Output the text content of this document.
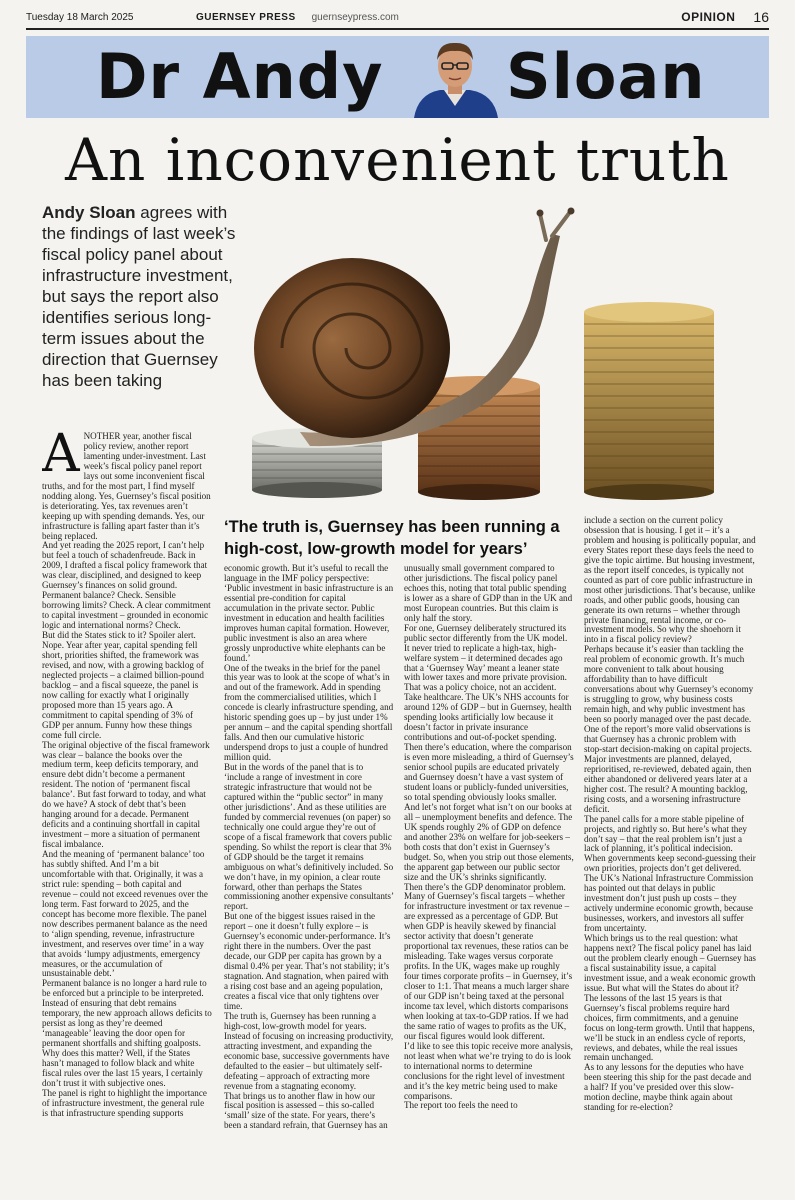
Tuesday 18 March 2025	GUERNSEY PRESS guernseypress.com	OPINION 16
Dr Andy Sloan
An inconvenient truth
Andy Sloan agrees with the findings of last week’s fiscal policy panel about infrastructure investment, but says the report also identifies serious long-term issues about the direction that Guernsey has been taking
‘The truth is, Guernsey has been running a high-cost, low-growth model for years’
A NOTHER year, another fiscal policy review, another report lamenting under-investment. Last week’s fiscal policy panel report lays out some inconvenient fiscal truths, and for the most part, I find myself nodding along. Yes, Guernsey’s fiscal position is deteriorating. Yes, tax revenues aren’t keeping up with spending demands. Yes, our infrastructure is falling apart faster than it’s being replaced.

And yet reading the 2025 report, I can’t help but feel a touch of schadenfreude. Back in 2009, I drafted a fiscal policy framework that was clear, disciplined, and designed to keep Guernsey’s finances on solid ground. Permanent balance? Check. Sensible borrowing limits? Check. A clear commitment to capital investment – grounded in economic logic and international norms? Check.

But did the States stick to it? Spoiler alert. Nope. Year after year, capital spending fell short, priorities shifted, the framework was revised, and now, with a growing backlog of neglected projects – a claimed billion-pound backlog – and a fiscal squeeze, the panel is now calling for exactly what I originally proposed more than 15 years ago. A commitment to capital spending of 3% of GDP per annum. Funny how these things come full circle.

The original objective of the fiscal framework was clear – balance the books over the medium term, keep deficits temporary, and ensure debt didn’t become a permanent resident. The notion of ‘permanent fiscal balance’. But fast forward to today, and what do we have? A stock of debt that’s been hanging around for a decade. Permanent deficits and a continuing shortfall in capital investment – more a situation of permanent fiscal imbalance.

And the meaning of ‘permanent balance’ too has subtly shifted. And I’m a bit uncomfortable with that. Originally, it was a strict rule: spending – both capital and revenue – could not exceed revenues over the long term. Fast forward to 2025, and the concept has become more flexible. The panel now describes permanent balance as the need to ‘align spending, revenue, infrastructure investment, and reserves over time’ in a way that avoids ‘lumpy adjustments, emergency measures, or the accumulation of unsustainable debt.’

Permanent balance is no longer a hard rule to be enforced but a principle to be interpreted. Instead of ensuring that debt remains temporary, the new approach allows deficits to persist as long as they’re deemed ‘manageable’ leaving the door open for permanent shortfalls and shifting goalposts.

Why does this matter? Well, if the States hasn’t managed to follow black and white fiscal rules over the last 15 years, I certainly don’t trust it with subjective ones.

The panel is right to highlight the importance of infrastructure investment, the general rule is that infrastructure spending supports

economic growth. But it’s useful to recall the language in the IMF policy perspective: ‘Public investment in basic infrastructure is an essential pre-condition for capital accumulation in the private sector. Public investment in education and health facilities improves human capital formation. However, public investment is also an area where grossly unproductive white elephants can be found.’

One of the tweaks in the brief for the panel this year was to look at the scope of what’s in and out of the framework. Add in spending from the commercialised utilities, which I concede is clearly infrastructure spending, and historic spending goes up – by just under 1% per annum – and the capital spending shortfall falls. And then our cumulative historic underspend drops to just a couple of hundred million quid.

But in the words of the panel that is to ‘include a range of investment in core strategic infrastructure that would not be captured within the “public sector” in many other jurisdictions’. And as these utilities are funded by commercial revenues (on paper) so technically one could argue they’re out of scope of a fiscal framework that covers public spending. So whilst the report is clear that 3% of GDP should be the target it remains ambiguous on what’s definitively included. So we don’t have, in my opinion, a clear route forward, other than perhaps the States commissioning another expensive consultants’ report.

But one of the biggest issues raised in the report – one it doesn’t fully explore – is Guernsey’s economic under-performance. It’s right there in the numbers. Over the past decade, our GDP per capita has grown by a dismal 0.4% per year. That’s not stability; it’s stagnation. And stagnation, when paired with a rising cost base and an ageing population, creates a fiscal vice that only tightens over time.

The truth is, Guernsey has been running a high-cost, low-growth model for years. Instead of focusing on increasing productivity, attracting investment, and expanding the economic base, successive governments have defaulted to the easier – but ultimately self-defeating – approach of extracting more revenue from a stagnating economy.

That brings us to another flaw in how our fiscal position is assessed – this so-called ‘small’ size of the state. For years, there’s been a standard refrain, that Guernsey has an

unusually small government compared to other jurisdictions. The fiscal policy panel echoes this, noting that total public spending is lower as a share of GDP than in the UK and most European countries. But this claim is only half the story.

For one, Guernsey deliberately structured its public sector differently from the UK model. It never tried to replicate a high-tax, high-welfare system – it determined decades ago that a ‘Guernsey Way’ meant a leaner state with lower taxes and more private provision. That was a policy choice, not an accident.

Take healthcare. The UK’s NHS accounts for around 12% of GDP – but in Guernsey, health spending looks artificially low because it doesn’t factor in private insurance contributions and out-of-pocket spending. Then there’s education, where the comparison is even more misleading, a third of Guernsey’s senior school pupils are educated privately and Guernsey doesn’t have a vast system of student loans or publicly-funded universities, so total spending obviously looks smaller.

And let’s not forget what isn’t on our books at all – unemployment benefits and defence. The UK spends roughly 2% of GDP on defence and another 23% on welfare for job-seekers – both costs that don’t exist in Guernsey’s budget. So, when you strip out those elements, the apparent gap between our public sector size and the UK’s shrinks significantly.

Then there’s the GDP denominator problem. Many of Guernsey’s fiscal targets – whether for infrastructure investment or tax revenue – are expressed as a percentage of GDP. But when GDP is heavily skewed by financial sector activity that doesn’t generate proportional tax revenues, these ratios can be misleading. Take wages versus corporate profits. In the UK, wages make up roughly four times corporate profits – in Guernsey, it’s closer to 1:1. That means a much larger share of our GDP isn’t being taxed at the personal income tax level, which distorts comparisons when looking at tax-to-GDP ratios. If we had the same ratio of wages to profits as the UK, our fiscal figures would look different.

I’d like to see this topic receive more analysis, not least when what we’re trying to do is look to international norms to determine conclusions for the right level of investment and it’s the key metric being used to make comparisons.

The report too feels the need to

include a section on the current policy obsession that is housing. I get it – it’s a problem and housing is politically popular, and every States report these days feels the need to give the topic airtime. But housing investment, as the report itself concedes, is typically not counted as part of core public infrastructure in most other jurisdictions. That’s because, unlike roads, and other public goods, housing can generate its own returns – whether through private financing, rental income, or co-investment models. So why the shoehorn it into in a fiscal policy review?

Perhaps because it’s easier than tackling the real problem of economic growth. It’s much more convenient to talk about housing affordability than to have difficult conversations about why Guernsey’s economy is struggling to grow, why business costs remain high, and why public investment has been so poorly managed over the past decade.

One of the report’s more valid observations is that Guernsey has a chronic problem with stop-start decision-making on capital projects. Major investments are planned, delayed, reprioritised, re-reviewed, debated again, then either abandoned or delivered years later at a higher cost. The result? A mounting backlog, rising costs, and a worsening infrastructure deficit.

The panel calls for a more stable pipeline of projects, and rightly so. But here’s what they don’t say – that the real problem isn’t just a lack of planning, it’s political indecision. When governments keep second-guessing their own priorities, projects don’t get delivered. The UK’s National Infrastructure Commission has pointed out that delays in public investment don’t just push up costs – they actively undermine economic growth, because businesses, workers, and investors all suffer from uncertainty.

Which brings us to the real question: what happens next? The fiscal policy panel has laid out the problem clearly enough – Guernsey has a fiscal sustainability issue, a capital investment issue, and a weak economic growth issue. But what will the States do about it?

The lessons of the last 15 years is that Guernsey’s fiscal problems require hard choices, firm commitments, and a genuine focus on long-term growth. Until that happens, we’ll be stuck in an endless cycle of reports, reviews, and debates, while the real issues remain unchanged.

As to any lessons for the deputies who have been steering this ship for the past decade and a half? If you’ve presided over this slow-motion decline, maybe think again about standing for re-election?
